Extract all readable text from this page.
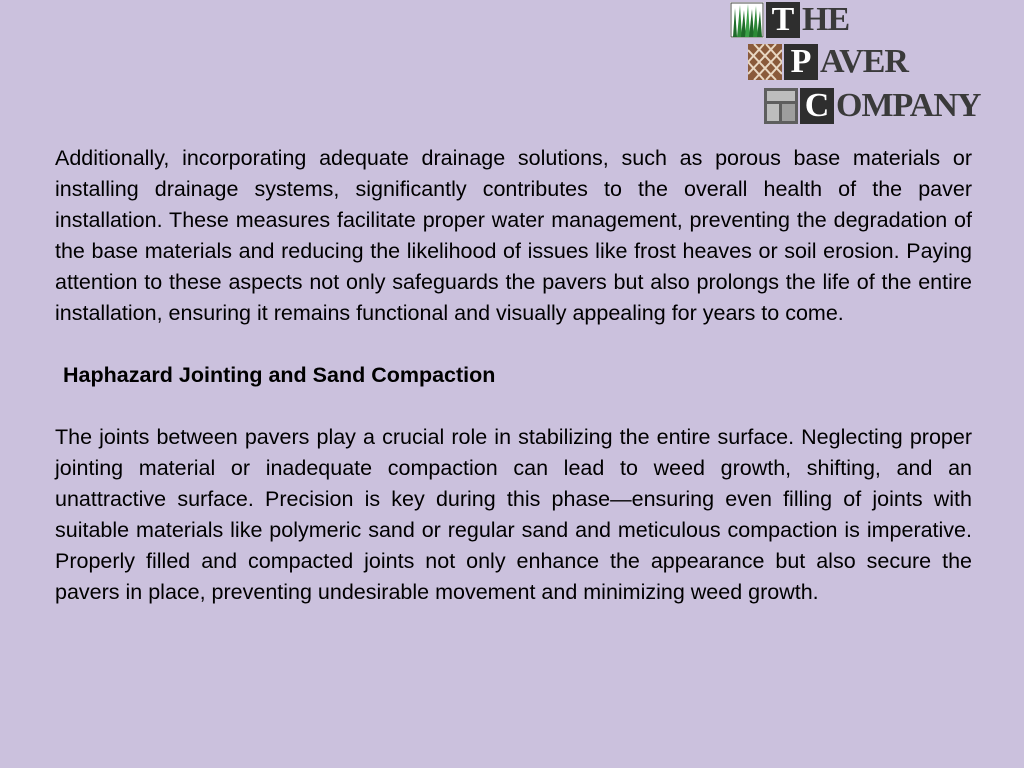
T HE
P AVER
C OMPANY

Additionally, incorporating adequate drainage solutions, such as porous base materials or installing drainage systems, significantly contributes to the overall health of the paver installation. These measures facilitate proper water management, preventing the degradation of the base materials and reducing the likelihood of issues like frost heaves or soil erosion. Paying attention to these aspects not only safeguards the pavers but also prolongs the life of the entire installation, ensuring it remains functional and visually appealing for years to come.

Haphazard Jointing and Sand Compaction

The joints between pavers play a crucial role in stabilizing the entire surface. Neglecting proper jointing material or inadequate compaction can lead to weed growth, shifting, and an unattractive surface. Precision is key during this phase—ensuring even filling of joints with suitable materials like polymeric sand or regular sand and meticulous compaction is imperative. Properly filled and compacted joints not only enhance the appearance but also secure the pavers in place, preventing undesirable movement and minimizing weed growth.
